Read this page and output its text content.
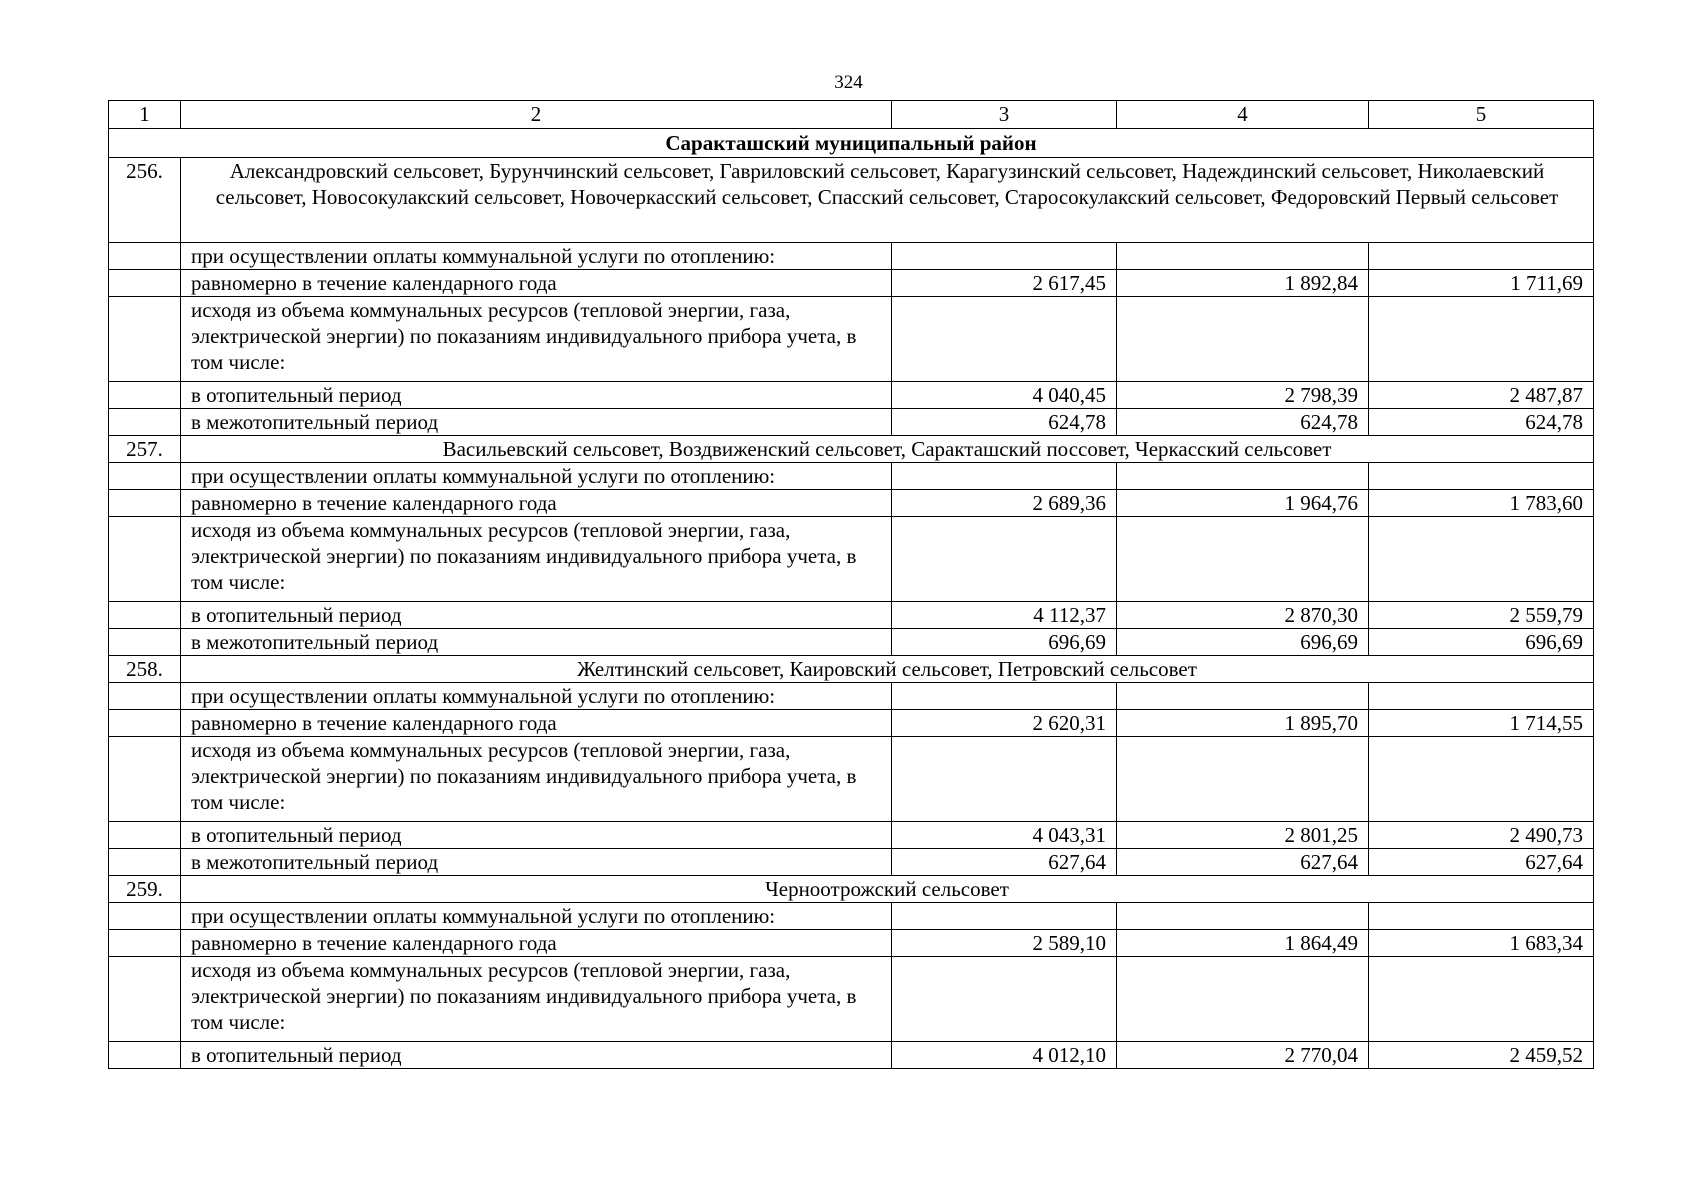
324
1	2	3	4	5
Саракташский муниципальный район				
256.	Александровский сельсовет, Бурунчинский сельсовет, Гавриловский сельсовет, Карагузинский сельсовет, Надеждинский сельсовет, Николаевский сельсовет, Новосокулакский сельсовет, Новочеркасский сельсовет, Спасский сельсовет, Старосокулакский сельсовет, Федоровский Первый сельсовет			
	при осуществлении оплаты коммунальной услуги по отоплению:			
	равномерно в течение календарного года	2 617,45	1 892,84	1 711,69
	исходя из объема коммунальных ресурсов (тепловой энергии, газа, электрической энергии) по показаниям индивидуального прибора учета, в том числе:			
	в отопительный период	4 040,45	2 798,39	2 487,87
	в межотопительный период	624,78	624,78	624,78
257.	Васильевский сельсовет, Воздвиженский сельсовет, Саракташский поссовет, Черкасский сельсовет			
	при осуществлении оплаты коммунальной услуги по отоплению:			
	равномерно в течение календарного года	2 689,36	1 964,76	1 783,60
	исходя из объема коммунальных ресурсов (тепловой энергии, газа, электрической энергии) по показаниям индивидуального прибора учета, в том числе:			
	в отопительный период	4 112,37	2 870,30	2 559,79
	в межотопительный период	696,69	696,69	696,69
258.	Желтинский сельсовет, Каировский сельсовет, Петровский сельсовет			
	при осуществлении оплаты коммунальной услуги по отоплению:			
	равномерно в течение календарного года	2 620,31	1 895,70	1 714,55
	исходя из объема коммунальных ресурсов (тепловой энергии, газа, электрической энергии) по показаниям индивидуального прибора учета, в том числе:			
	в отопительный период	4 043,31	2 801,25	2 490,73
	в межотопительный период	627,64	627,64	627,64
259.	Черноотрожский сельсовет			
	при осуществлении оплаты коммунальной услуги по отоплению:			
	равномерно в течение календарного года	2 589,10	1 864,49	1 683,34
	исходя из объема коммунальных ресурсов (тепловой энергии, газа, электрической энергии) по показаниям индивидуального прибора учета, в том числе:			
	в отопительный период	4 012,10	2 770,04	2 459,52
